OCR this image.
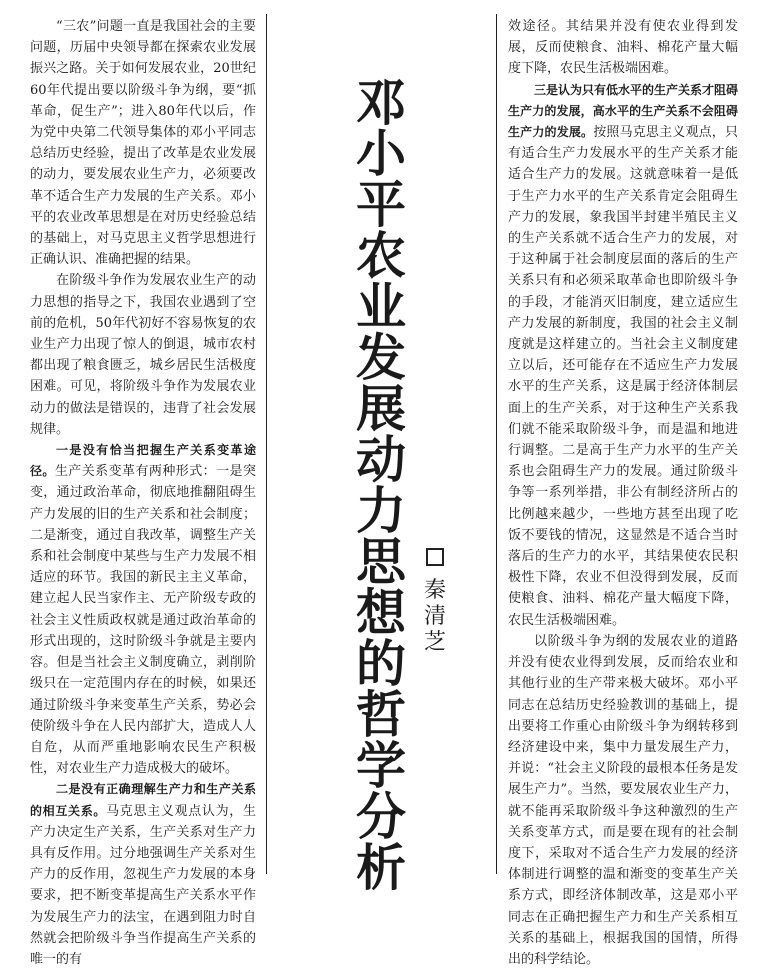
“三农”问题一直是我国社会的主要问题，历届中央领导都在探索农业发展振兴之路。关于如何发展农业，20世纪60年代提出要以阶级斗争为纲，要“抓革命，促生产”；进入80年代以后，作为党中央第二代领导集体的邓小平同志总结历史经验，提出了改革是农业发展的动力，要发展农业生产力，必须要改革不适合生产力发展的生产关系。邓小平的农业改革思想是在对历史经验总结的基础上，对马克思主义哲学思想进行正确认识、准确把握的结果。

在阶级斗争作为发展农业生产的动力思想的指导之下，我国农业遇到了空前的危机，50年代初好不容易恢复的农业生产力出现了惊人的倒退，城市农村都出现了粮食匮乏，城乡居民生活极度困难。可见，将阶级斗争作为发展农业动力的做法是错误的，违背了社会发展规律。

一是没有恰当把握生产关系变革途径。生产关系变革有两种形式：一是突变，通过政治革命，彻底地推翻阻碍生产力发展的旧的生产关系和社会制度；二是渐变，通过自我改革，调整生产关系和社会制度中某些与生产力发展不相适应的环节。我国的新民主主义革命，建立起人民当家作主、无产阶级专政的社会主义性质政权就是通过政治革命的形式出现的，这时阶级斗争就是主要内容。但是当社会主义制度确立，剥削阶级只在一定范围内存在的时候，如果还通过阶级斗争来变革生产关系，势必会使阶级斗争在人民内部扩大，造成人人自危，从而严重地影响农民生产积极性，对农业生产力造成极大的破坏。

二是没有正确理解生产力和生产关系的相互关系。马克思主义观点认为，生产力决定生产关系，生产关系对生产力具有反作用。过分地强调生产关系对生产力的反作用，忽视生产力发展的本身要求，把不断变革提高生产关系水平作为发展生产力的法宝，在遇到阻力时自然就会把阶级斗争当作提高生产关系的唯一的有

邓小平农业发展动力思想的哲学分析
秦清芝

效途径。其结果并没有使农业得到发展，反而使粮食、油料、棉花产量大幅度下降，农民生活极端困难。

三是认为只有低水平的生产关系才阻碍生产力的发展，高水平的生产关系不会阻碍生产力的发展。按照马克思主义观点，只有适合生产力发展水平的生产关系才能适合生产力的发展。这就意味着一是低于生产力水平的生产关系肯定会阻碍生产力的发展，象我国半封建半殖民主义的生产关系就不适合生产力的发展，对于这种属于社会制度层面的落后的生产关系只有和必须采取革命也即阶级斗争的手段，才能消灭旧制度，建立适应生产力发展的新制度，我国的社会主义制度就是这样建立的。当社会主义制度建立以后，还可能存在不适应生产力发展水平的生产关系，这是属于经济体制层面上的生产关系，对于这种生产关系我们就不能采取阶级斗争，而是温和地进行调整。二是高于生产力水平的生产关系也会阻碍生产力的发展。通过阶级斗争等一系列举措，非公有制经济所占的比例越来越少，一些地方甚至出现了吃饭不要钱的情况，这显然是不适合当时落后的生产力的水平，其结果使农民积极性下降，农业不但没得到发展，反而使粮食、油料、棉花产量大幅度下降，农民生活极端困难。

以阶级斗争为纲的发展农业的道路并没有使农业得到发展，反而给农业和其他行业的生产带来极大破坏。邓小平同志在总结历史经验教训的基础上，提出要将工作重心由阶级斗争为纲转移到经济建设中来，集中力量发展生产力，并说：“社会主义阶段的最根本任务是发展生产力”。当然，要发展农业生产力，就不能再采取阶级斗争这种激烈的生产关系变革方式，而是要在现有的社会制度下，采取对不适合生产力发展的经济体制进行调整的温和渐变的变革生产关系方式，即经济体制改革，这是邓小平同志在正确把握生产力和生产关系相互关系的基础上，根据我国的国情，所得出的科学结论。
